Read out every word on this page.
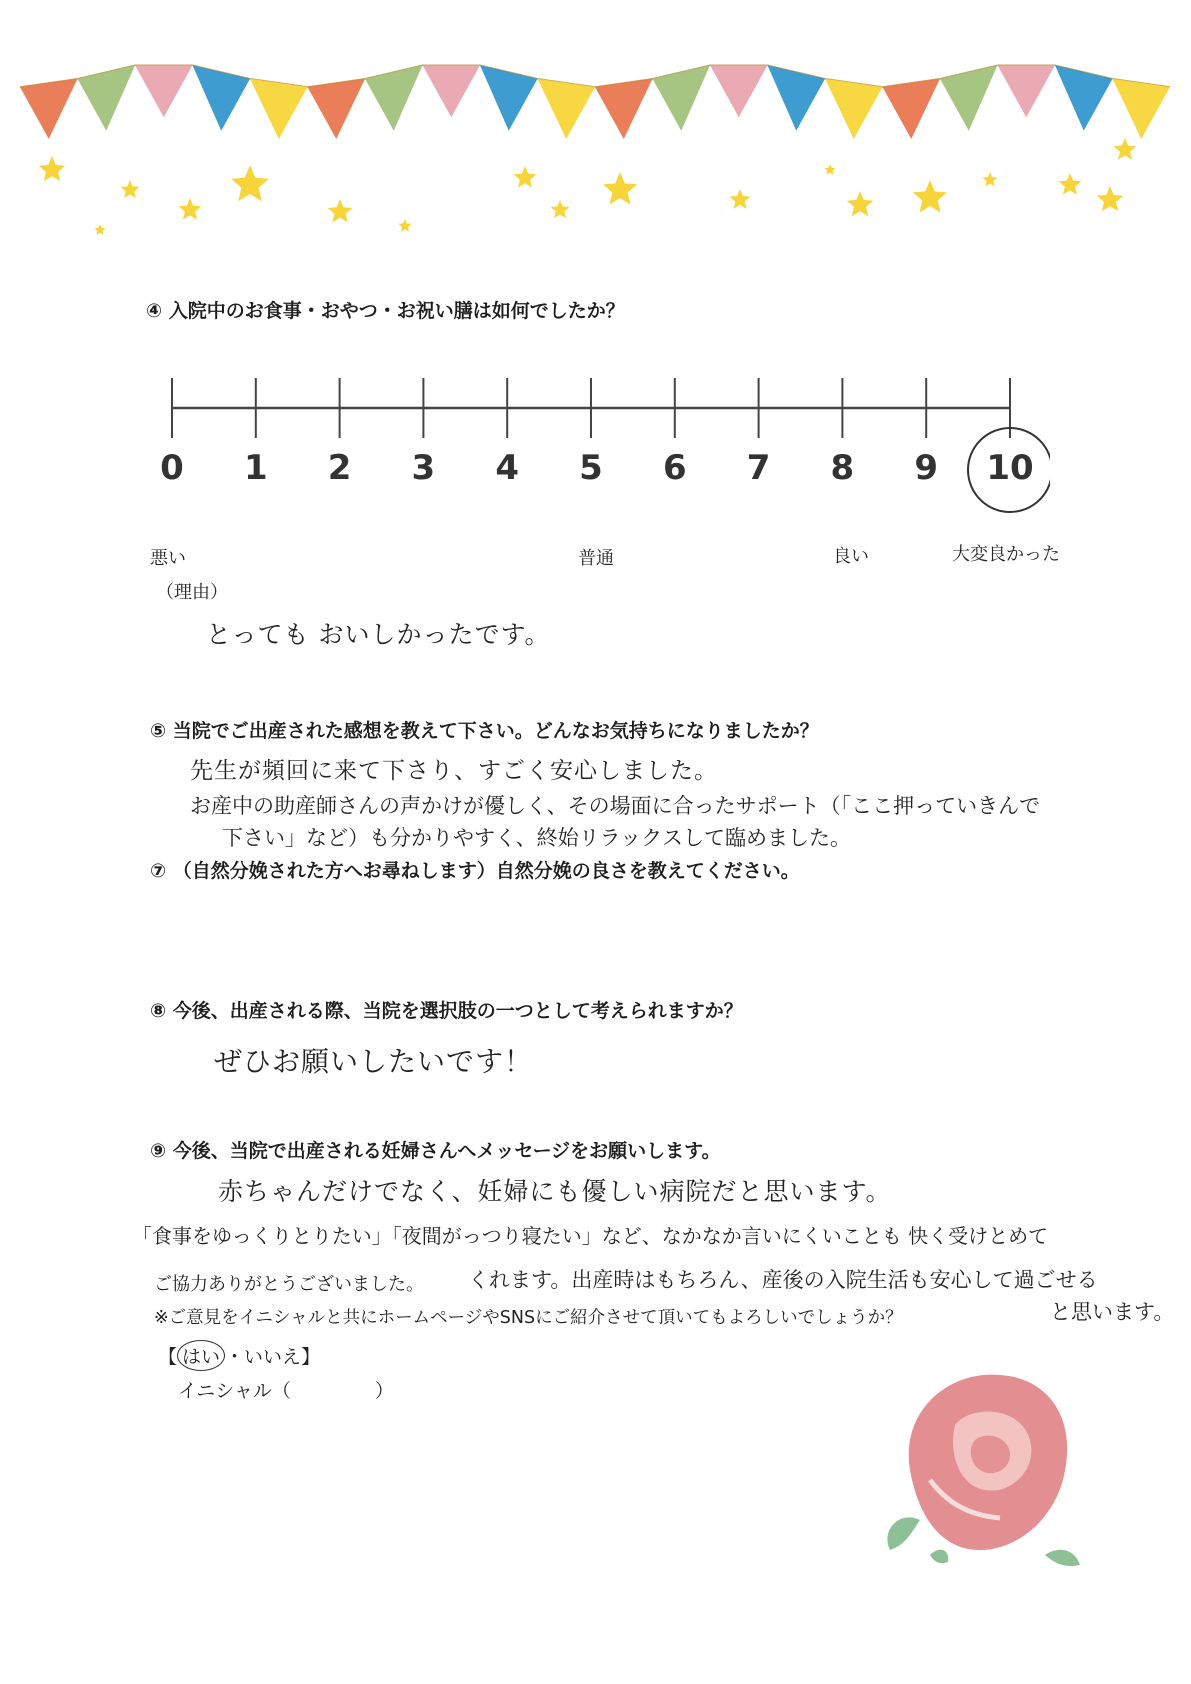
④ 入院中のお食事・おやつ・お祝い膳は如何でしたか？
0	1	2	3	4	5	6	7	8	9	10
悪い	普通	良い	大変良かった
（理由）
とっても おいしかったです。
⑤ 当院でご出産された感想を教えて下さい。どんなお気持ちになりましたか？
先生が頻回に来て下さり、すごく安心しました。
お産中の助産師さんの声かけが優しく、その場面に合ったサポート（「ここ押っていきんで
下さい」など）も分かりやすく、終始リラックスして臨めました。
⑦ （自然分娩された方へお尋ねします）自然分娩の良さを教えてください。
⑧ 今後、出産される際、当院を選択肢の一つとして考えられますか？
ぜひお願いしたいです！
⑨ 今後、当院で出産される妊婦さんへメッセージをお願いします。
赤ちゃんだけでなく、妊婦にも優しい病院だと思います。
「食事をゆっくりとりたい」「夜間がっつり寝たい」など、なかなか言いにくいことも 快く受けとめて
くれます。出産時はもちろん、産後の入院生活も安心して過ごせる
と思います。
ご協力ありがとうございました。
※ご意見をイニシャルと共にホームページやSNSにご紹介させて頂いてもよろしいでしょうか？
【 はい ・いいえ】
イニシャル（	）
